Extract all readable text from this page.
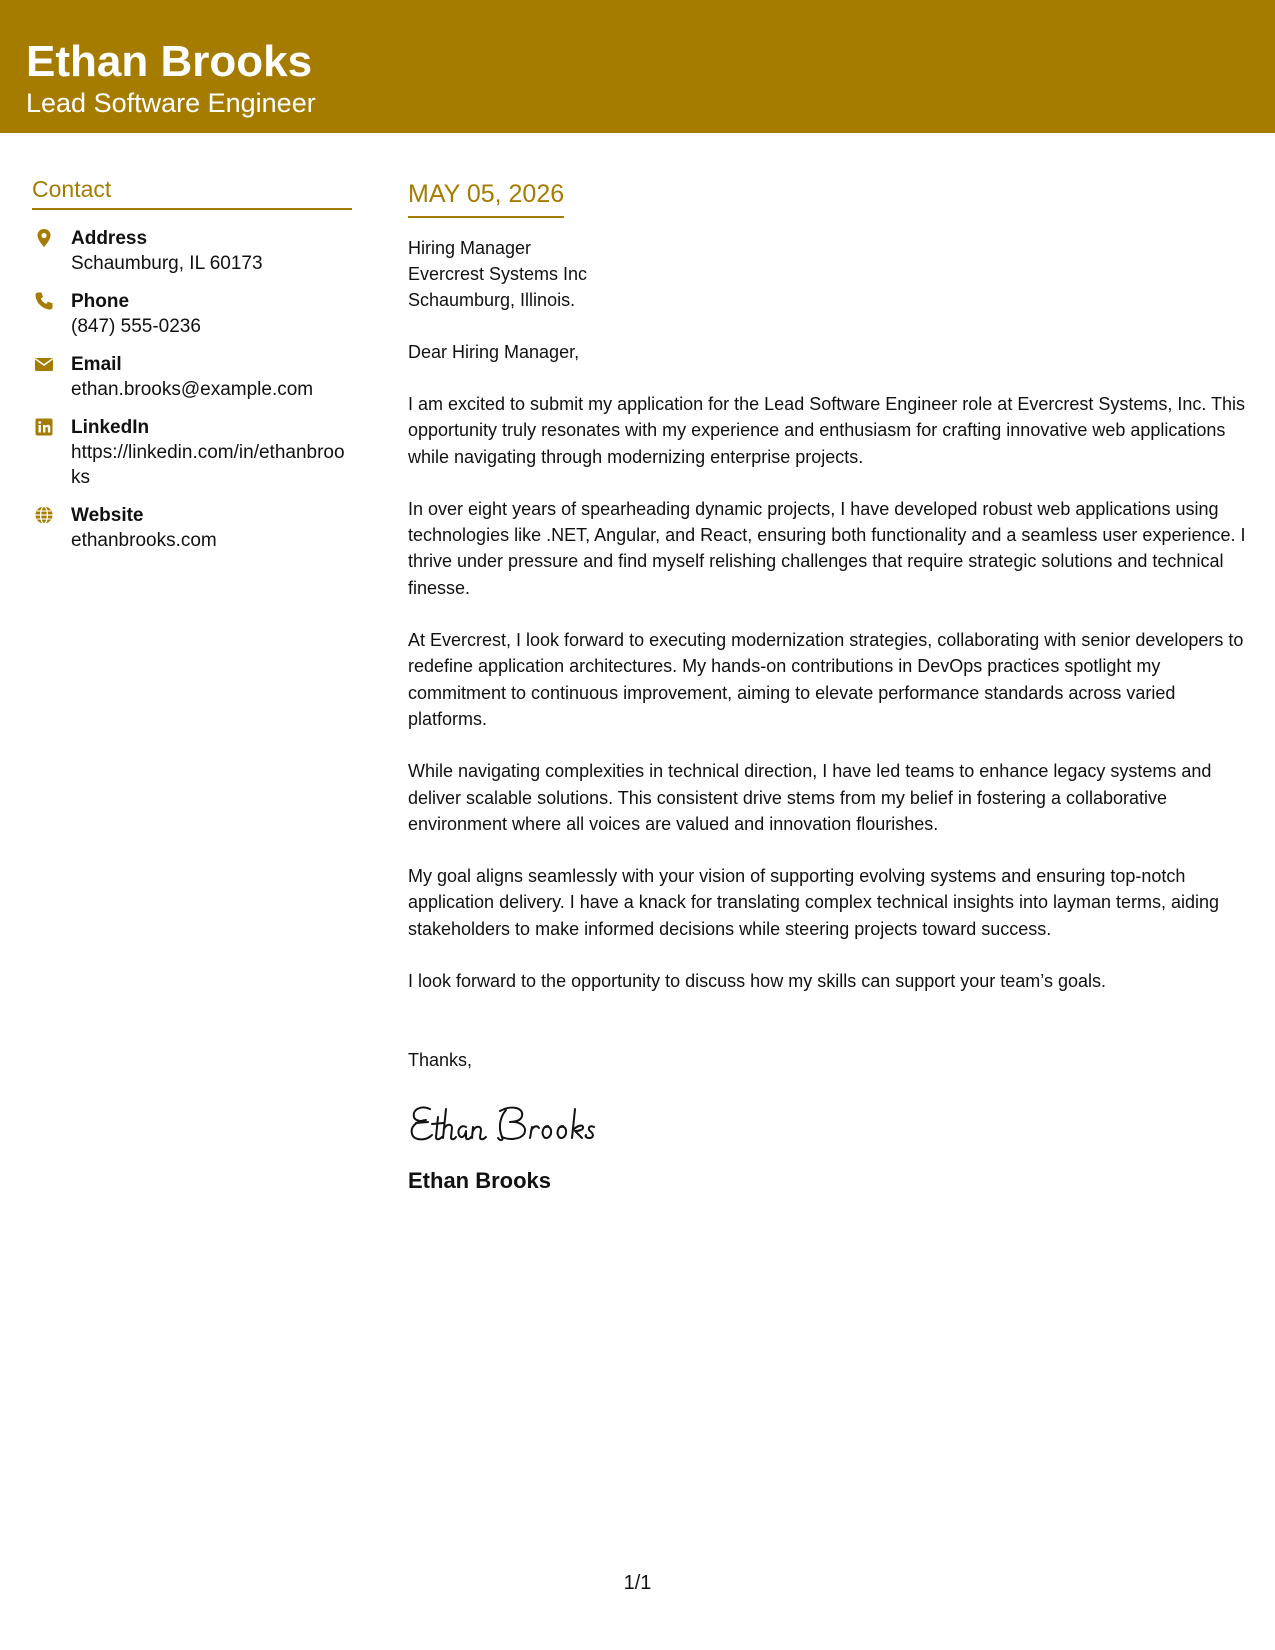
Ethan Brooks
Lead Software Engineer
Contact
Address
Schaumburg, IL 60173
Phone
(847) 555-0236
Email
ethan.brooks@example.com
LinkedIn
https://linkedin.com/in/ethanbrooks
Website
ethanbrooks.com
MAY 05, 2026
Hiring Manager
Evercrest Systems Inc
Schaumburg, Illinois.
Dear Hiring Manager,
I am excited to submit my application for the Lead Software Engineer role at Evercrest Systems, Inc. This opportunity truly resonates with my experience and enthusiasm for crafting innovative web applications while navigating through modernizing enterprise projects.
In over eight years of spearheading dynamic projects, I have developed robust web applications using technologies like .NET, Angular, and React, ensuring both functionality and a seamless user experience. I thrive under pressure and find myself relishing challenges that require strategic solutions and technical finesse.
At Evercrest, I look forward to executing modernization strategies, collaborating with senior developers to redefine application architectures. My hands-on contributions in DevOps practices spotlight my commitment to continuous improvement, aiming to elevate performance standards across varied platforms.
While navigating complexities in technical direction, I have led teams to enhance legacy systems and deliver scalable solutions. This consistent drive stems from my belief in fostering a collaborative environment where all voices are valued and innovation flourishes.
My goal aligns seamlessly with your vision of supporting evolving systems and ensuring top-notch application delivery. I have a knack for translating complex technical insights into layman terms, aiding stakeholders to make informed decisions while steering projects toward success.
I look forward to the opportunity to discuss how my skills can support your team’s goals.
Thanks,
Ethan Brooks
1/1
